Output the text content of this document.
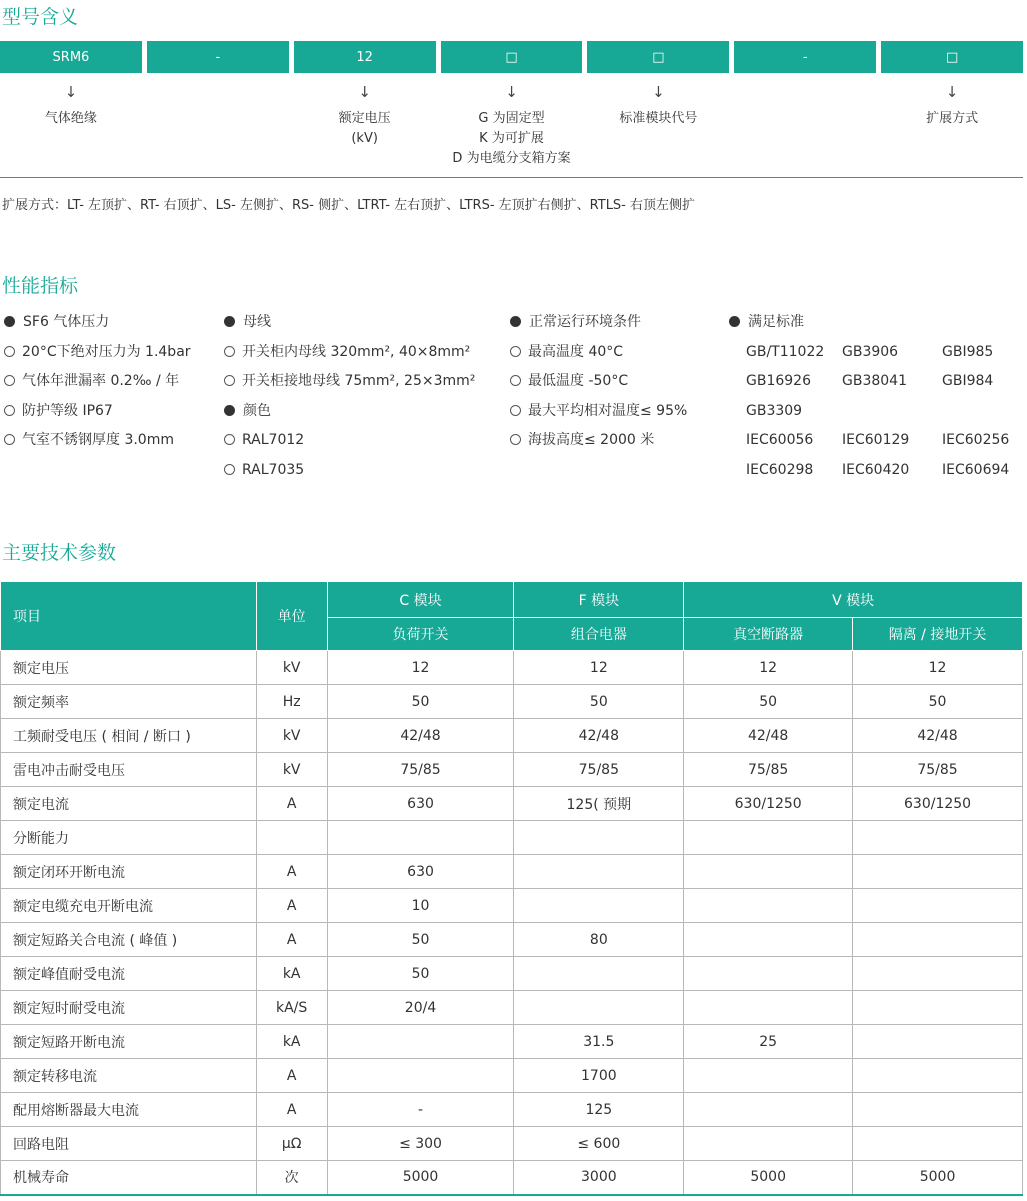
型号含义
SRM6	-	12	□	□	-	□
↓
气体绝缘
↓
额定电压
(kV)
↓
G 为固定型
K 为可扩展
D 为电缆分支箱方案
↓
标准模块代号
↓
扩展方式
扩展方式：LT- 左顶扩、RT- 右顶扩、LS- 左侧扩、RS- 侧扩、LTRT- 左右顶扩、LTRS- 左顶扩右侧扩、RTLS- 右顶左侧扩
性能指标
SF6 气体压力
20°C下绝对压力为 1.4bar
气体年泄漏率 0.2‰ / 年
防护等级 IP67
气室不锈钢厚度 3.0mm
母线
开关柜内母线 320mm², 40×8mm²
开关柜接地母线 75mm², 25×3mm²
颜色
RAL7012
RAL7035
正常运行环境条件
最高温度 40°C
最低温度 -50°C
最大平均相对温度≤ 95%
海拔高度≤ 2000 米
满足标准
GB/T11022	GB3906	GBI985
GB16926	GB38041	GBI984
GB3309
IEC60056	IEC60129	IEC60256
IEC60298	IEC60420	IEC60694
主要技术参数
项目	单位	C 模块	F 模块	V 模块	
		负荷开关	组合电器	真空断路器	隔离 / 接地开关
额定电压	kV	12	12	12	12
额定频率	Hz	50	50	50	50
工频耐受电压 ( 相间 / 断口 )	kV	42/48	42/48	42/48	42/48
雷电冲击耐受电压	kV	75/85	75/85	75/85	75/85
额定电流	A	630	125( 预期	630/1250	630/1250
分断能力					
额定闭环开断电流	A	630			
额定电缆充电开断电流	A	10			
额定短路关合电流 ( 峰值 )	A	50	80		
额定峰值耐受电流	kA	50			
额定短时耐受电流	kA/S	20/4			
额定短路开断电流	kA		31.5	25	
额定转移电流	A		1700		
配用熔断器最大电流	A	-	125		
回路电阻	μΩ	≤ 300	≤ 600		
机械寿命	次	5000	3000	5000	5000
